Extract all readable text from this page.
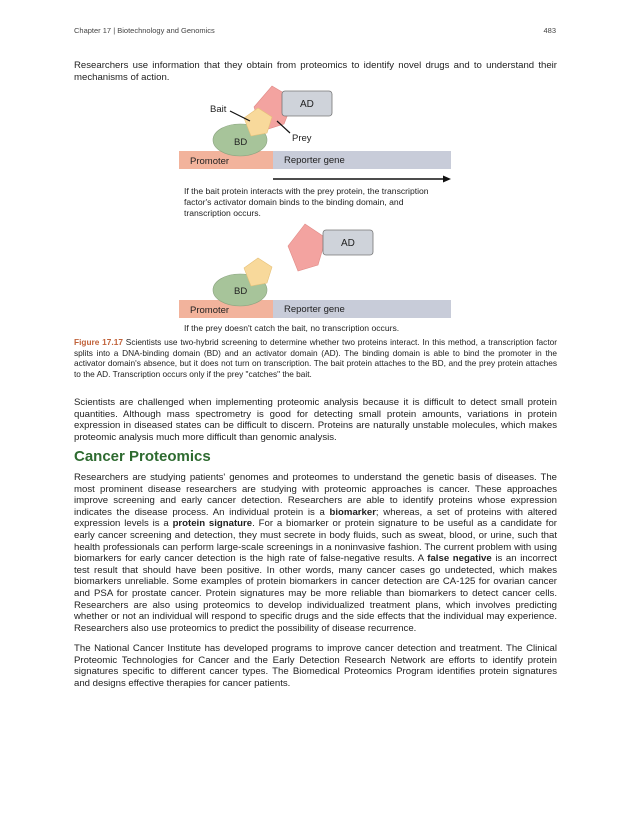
Chapter 17 | Biotechnology and Genomics	483

Researchers use information that they obtain from proteomics to identify novel drugs and to understand their mechanisms of action.

Promoter	Reporter gene
BD
AD
Bait
Prey
If the bait protein interacts with the prey protein, the transcription
factor's activator domain binds to the binding domain, and
transcription occurs.
Promoter	Reporter gene
BD
AD
If the prey doesn't catch the bait, no transcription occurs.

Figure 17.17 Scientists use two-hybrid screening to determine whether two proteins interact. In this method, a transcription factor splits into a DNA-binding domain (BD) and an activator domain (AD). The binding domain is able to bind the promoter in the activator domain's absence, but it does not turn on transcription. The bait protein attaches to the BD, and the prey protein attaches to the AD. Transcription occurs only if the prey "catches" the bait.

Scientists are challenged when implementing proteomic analysis because it is difficult to detect small protein quantities. Although mass spectrometry is good for detecting small protein amounts, variations in protein expression in diseased states can be difficult to discern. Proteins are naturally unstable molecules, which makes proteomic analysis much more difficult than genomic analysis.

Cancer Proteomics

Researchers are studying patients' genomes and proteomes to understand the genetic basis of diseases. The most prominent disease researchers are studying with proteomic approaches is cancer. These approaches improve screening and early cancer detection. Researchers are able to identify proteins whose expression indicates the disease process. An individual protein is a biomarker; whereas, a set of proteins with altered expression levels is a protein signature. For a biomarker or protein signature to be useful as a candidate for early cancer screening and detection, they must secrete in body fluids, such as sweat, blood, or urine, such that health professionals can perform large-scale screenings in a noninvasive fashion. The current problem with using biomarkers for early cancer detection is the high rate of false-negative results. A false negative is an incorrect test result that should have been positive. In other words, many cancer cases go undetected, which makes biomarkers unreliable. Some examples of protein biomarkers in cancer detection are CA-125 for ovarian cancer and PSA for prostate cancer. Protein signatures may be more reliable than biomarkers to detect cancer cells. Researchers are also using proteomics to develop individualized treatment plans, which involves predicting whether or not an individual will respond to specific drugs and the side effects that the individual may experience. Researchers also use proteomics to predict the possibility of disease recurrence.

The National Cancer Institute has developed programs to improve cancer detection and treatment. The Clinical Proteomic Technologies for Cancer and the Early Detection Research Network are efforts to identify protein signatures specific to different cancer types. The Biomedical Proteomics Program identifies protein signatures and designs effective therapies for cancer patients.
